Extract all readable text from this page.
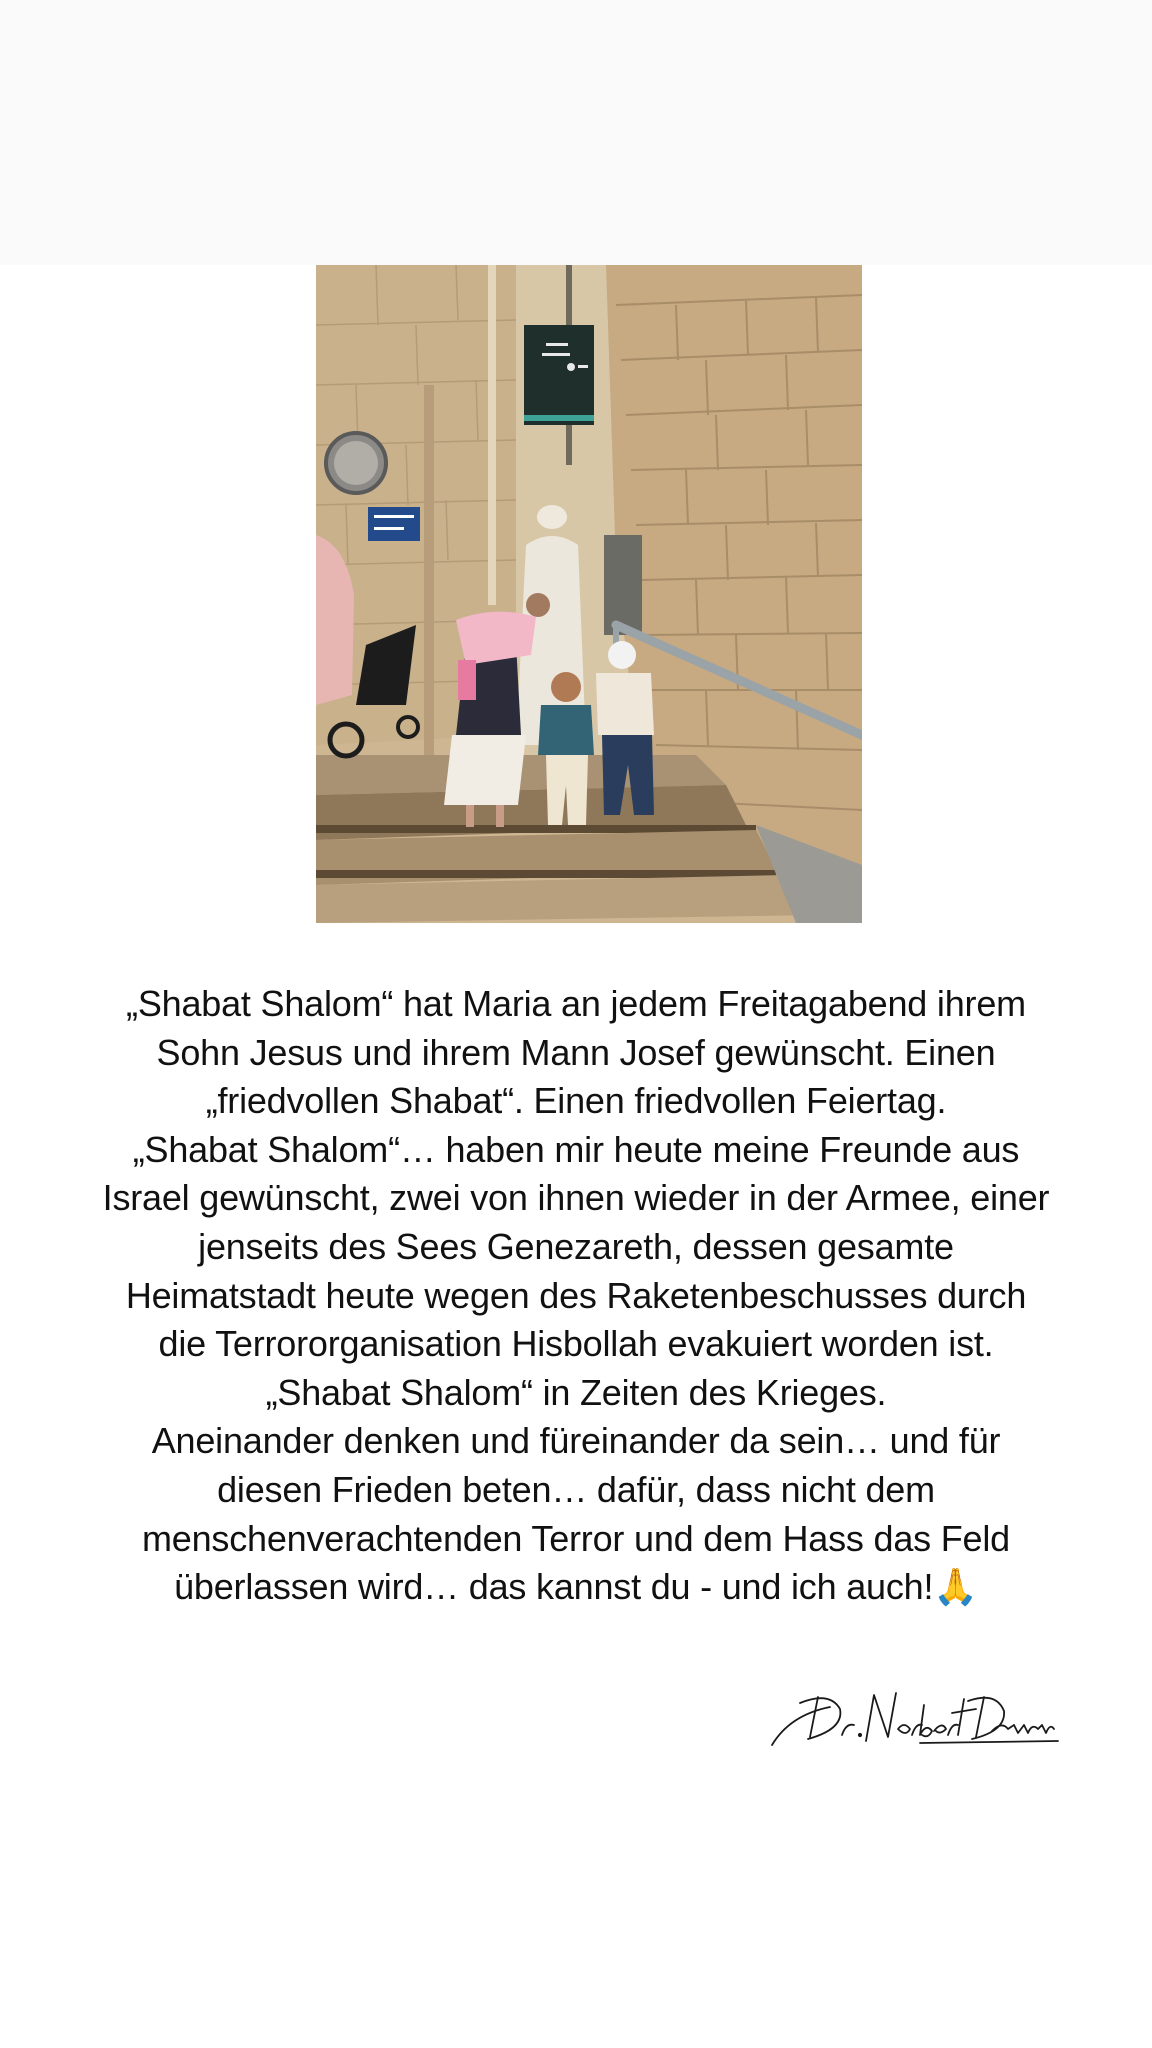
„Shabat Shalom“ hat Maria an jedem Freitagabend ihrem
Sohn Jesus und ihrem Mann Josef gewünscht. Einen
„friedvollen Shabat“. Einen friedvollen Feiertag.
„Shabat Shalom“… haben mir heute meine Freunde aus
Israel gewünscht, zwei von ihnen wieder in der Armee, einer
jenseits des Sees Genezareth, dessen gesamte
Heimatstadt heute wegen des Raketenbeschusses durch
die Terrororganisation Hisbollah evakuiert worden ist.
„Shabat Shalom“ in Zeiten des Krieges.
Aneinander denken und füreinander da sein… und für
diesen Frieden beten… dafür, dass nicht dem
menschenverachtenden Terror und dem Hass das Feld
überlassen wird… das kannst du - und ich auch!🙏
